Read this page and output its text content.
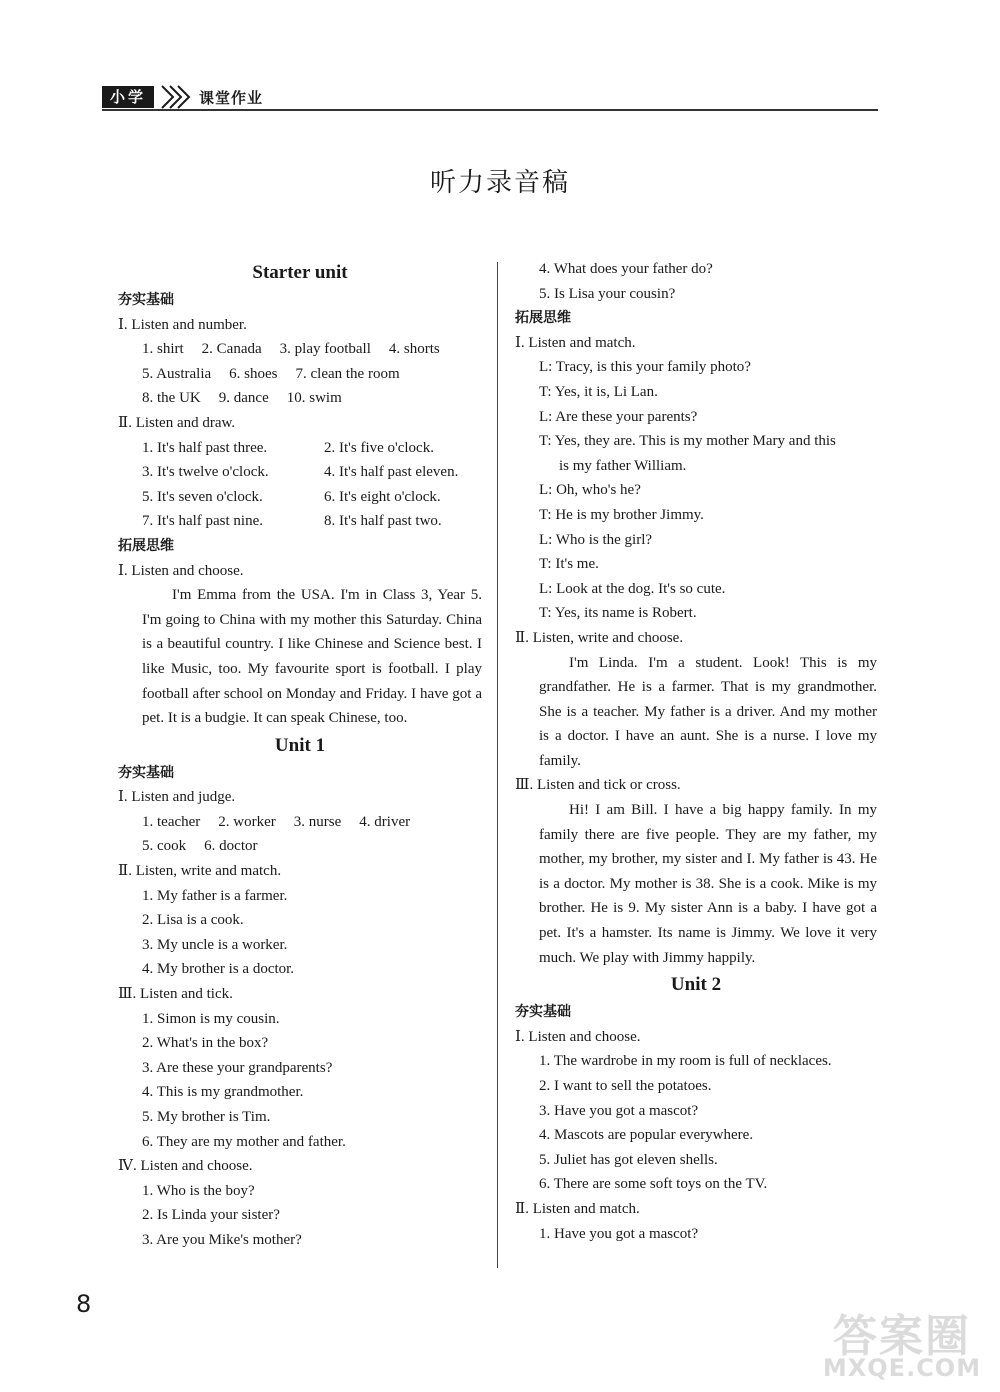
小学	课堂作业
听力录音稿
Starter unit
夯实基础
Ⅰ. Listen and number.
1. shirt 2. Canada 3. play football 4. shorts
5. Australia 6. shoes 7. clean the room
8. the UK 9. dance 10. swim
Ⅱ. Listen and draw.
1. It's half past three.	2. It's five o'clock.
3. It's twelve o'clock.	4. It's half past eleven.
5. It's seven o'clock.	6. It's eight o'clock.
7. It's half past nine.	8. It's half past two.
拓展思维
Ⅰ. Listen and choose.
I'm Emma from the USA. I'm in Class 3, Year 5. I'm going to China with my mother this Saturday. China is a beautiful country. I like Chinese and Science best. I like Music, too. My favourite sport is football. I play football after school on Monday and Friday. I have got a pet. It is a budgie. It can speak Chinese, too.
Unit 1
夯实基础
Ⅰ. Listen and judge.
1. teacher 2. worker 3. nurse 4. driver
5. cook 6. doctor
Ⅱ. Listen, write and match.
1. My father is a farmer.
2. Lisa is a cook.
3. My uncle is a worker.
4. My brother is a doctor.
Ⅲ. Listen and tick.
1. Simon is my cousin.
2. What's in the box?
3. Are these your grandparents?
4. This is my grandmother.
5. My brother is Tim.
6. They are my mother and father.
Ⅳ. Listen and choose.
1. Who is the boy?
2. Is Linda your sister?
3. Are you Mike's mother?
4. What does your father do?
5. Is Lisa your cousin?
拓展思维
Ⅰ. Listen and match.
L: Tracy, is this your family photo?
T: Yes, it is, Li Lan.
L: Are these your parents?
T: Yes, they are. This is my mother Mary and this
is my father William.
L: Oh, who's he?
T: He is my brother Jimmy.
L: Who is the girl?
T: It's me.
L: Look at the dog. It's so cute.
T: Yes, its name is Robert.
Ⅱ. Listen, write and choose.
I'm Linda. I'm a student. Look! This is my grandfather. He is a farmer. That is my grandmother. She is a teacher. My father is a driver. And my mother is a doctor. I have an aunt. She is a nurse. I love my family.
Ⅲ. Listen and tick or cross.
Hi! I am Bill. I have a big happy family. In my family there are five people. They are my father, my mother, my brother, my sister and I. My father is 43. He is a doctor. My mother is 38. She is a cook. Mike is my brother. He is 9. My sister Ann is a baby. I have got a pet. It's a hamster. Its name is Jimmy. We love it very much. We play with Jimmy happily.
Unit 2
夯实基础
Ⅰ. Listen and choose.
1. The wardrobe in my room is full of necklaces.
2. I want to sell the potatoes.
3. Have you got a mascot?
4. Mascots are popular everywhere.
5. Juliet has got eleven shells.
6. There are some soft toys on the TV.
Ⅱ. Listen and match.
1. Have you got a mascot?
8
答案圈
MXQE.COM
